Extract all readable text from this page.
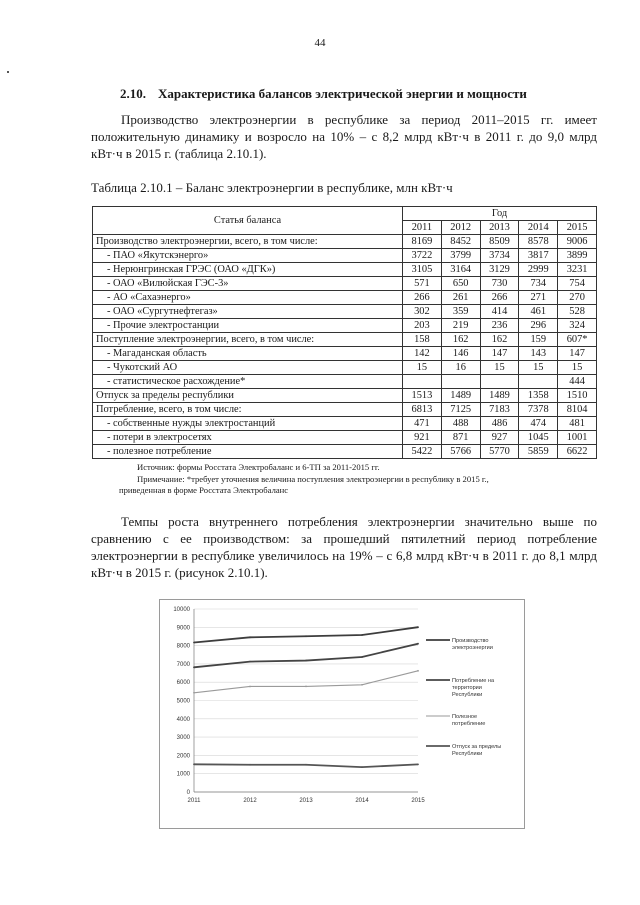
44
2.10. Характеристика балансов электрической энергии и мощности

Производство электроэнергии в республике за период 2011–2015 гг. имеет положительную динамику и возросло на 10% – с 8,2 млрд кВт·ч в 2011 г. до 9,0 млрд кВт·ч в 2015 г. (таблица 2.10.1).

Таблица 2.10.1 – Баланс электроэнергии в республике, млн кВт·ч
Статья баланса	Год				
	2011	2012	2013	2014	2015
Производство электроэнергии, всего, в том числе:	8169	8452	8509	8578	9006
- ПАО «Якутскэнерго»	3722	3799	3734	3817	3899
- Нерюнгринская ГРЭС (ОАО «ДГК»)	3105	3164	3129	2999	3231
- ОАО «Вилюйская ГЭС-3»	571	650	730	734	754
- АО «Сахаэнерго»	266	261	266	271	270
- ОАО «Сургутнефтегаз»	302	359	414	461	528
- Прочие электростанции	203	219	236	296	324
Поступление электроэнергии, всего, в том числе:	158	162	162	159	607*
- Магаданская область	142	146	147	143	147
- Чукотский АО	15	16	15	15	15
- статистическое расхождение*					444
Отпуск за пределы республики	1513	1489	1489	1358	1510
Потребление, всего, в том числе:	6813	7125	7183	7378	8104
- собственные нужды электростанций	471	488	486	474	481
- потери в электросетях	921	871	927	1045	1001
- полезное потребление	5422	5766	5770	5859	6622
Источник: формы Росстата Электробаланс и 6-ТП за 2011-2015 гг.
Примечание: *требует уточнения величина поступления электроэнергии в республику в 2015 г.,
приведенная в форме Росстата Электробаланс

Темпы роста внутреннего потребления электроэнергии значительно выше по сравнению с ее производством: за прошедший пятилетний период потребление электроэнергии в республике увеличилось на 19% – с 6,8 млрд кВт·ч в 2011 г. до 8,1 млрд кВт·ч в 2015 г. (рисунок 2.10.1).

0
1000
2000
3000
4000
5000
6000
7000
8000
9000
10000
2011	2012	2013	2014	2015
Производство
электроэнергии
Потребление на
территории
Республики
Полезное
потребление
Отпуск за пределы
Республики
